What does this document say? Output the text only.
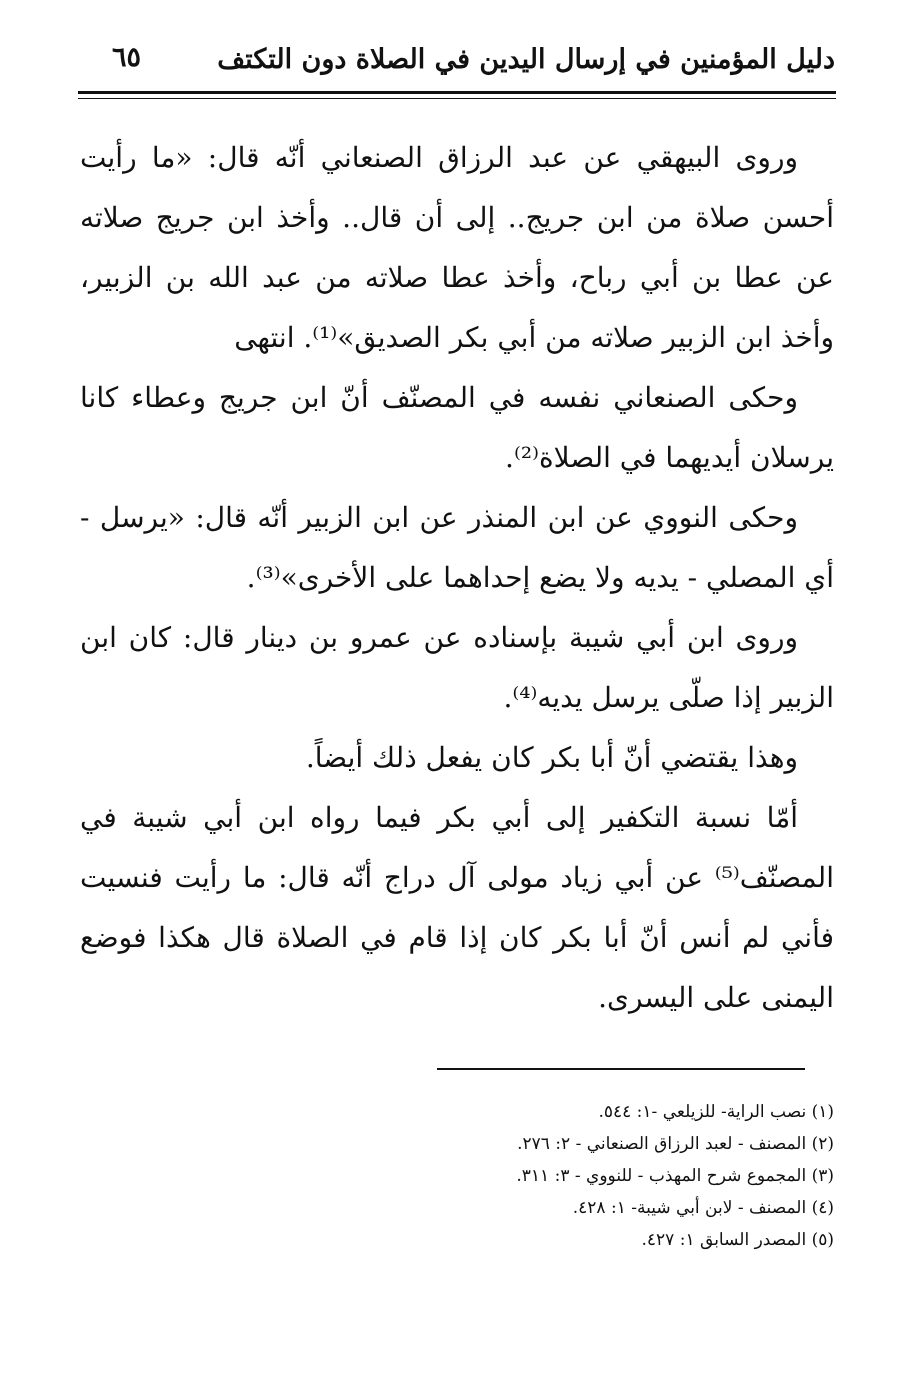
دليل المؤمنين في إرسال اليدين في الصلاة دون التكتف
٦٥

وروى البيهقي عن عبد الرزاق الصنعاني أنّه قال: «ما رأيت أحسن صلاة من ابن جريج.. إلى أن قال.. وأخذ ابن جريج صلاته عن عطا بن أبي رباح، وأخذ عطا صلاته من عبد الله بن الزبير، وأخذ ابن الزبير صلاته من أبي بكر الصديق»⁽¹⁾. انتهى

وحكى الصنعاني نفسه في المصنّف أنّ ابن جريج وعطاء كانا يرسلان أيديهما في الصلاة⁽²⁾.

وحكى النووي عن ابن المنذر عن ابن الزبير أنّه قال: «يرسل - أي المصلي - يديه ولا يضع إحداهما على الأخرى»⁽³⁾.

وروى ابن أبي شيبة بإسناده عن عمرو بن دينار قال: كان ابن الزبير إذا صلّى يرسل يديه⁽⁴⁾.

وهذا يقتضي أنّ أبا بكر كان يفعل ذلك أيضاً.

أمّا نسبة التكفير إلى أبي بكر فيما رواه ابن أبي شيبة في المصنّف⁽⁵⁾ عن أبي زياد مولى آل دراج أنّه قال: ما رأيت فنسيت فأني لم أنس أنّ أبا بكر كان إذا قام في الصلاة قال هكذا فوضع اليمنى على اليسرى.

(١) نصب الراية- للزيلعي -١: ٥٤٤.
(٢) المصنف - لعبد الرزاق الصنعاني - ٢: ٢٧٦.
(٣) المجموع شرح المهذب - للنووي - ٣: ٣١١.
(٤) المصنف - لابن أبي شيبة- ١: ٤٢٨.
(٥) المصدر السابق ١: ٤٢٧.
